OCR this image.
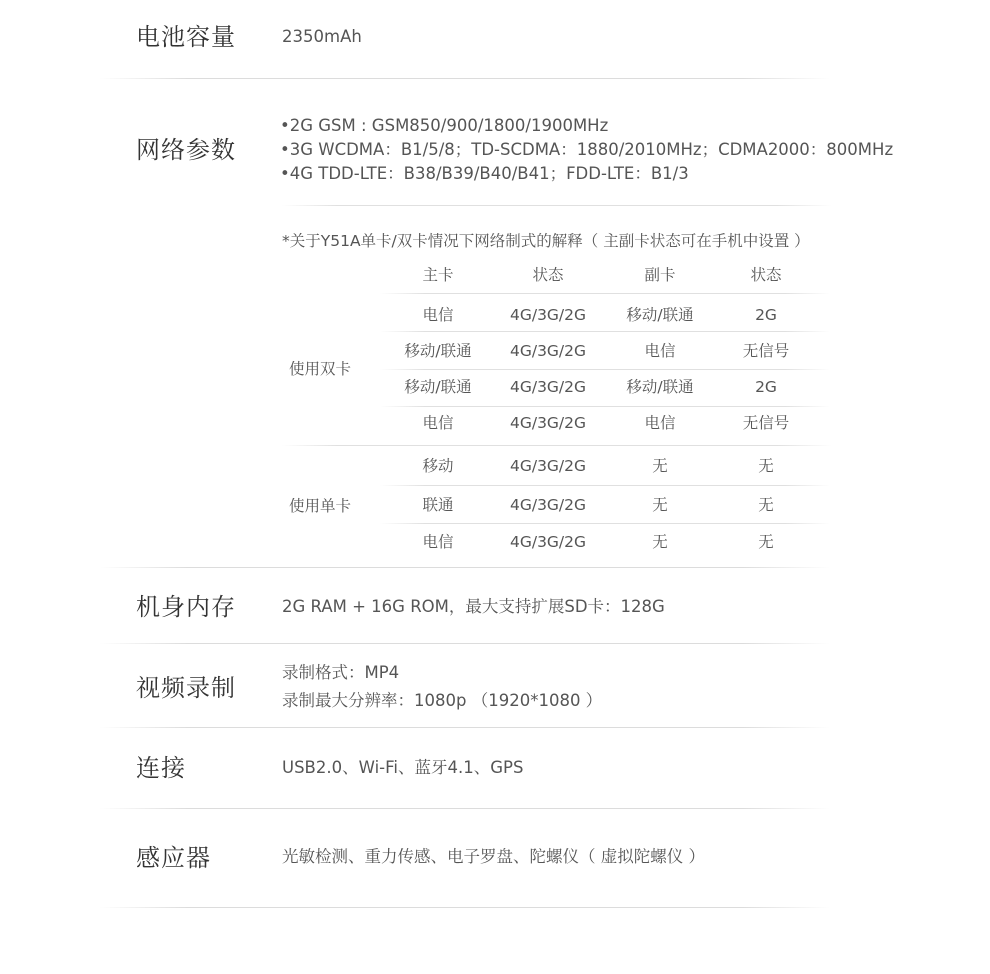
电池容量	2350mAh
网络参数
•2G GSM : GSM850/900/1800/1900MHz
•3G WCDMA：B1/5/8；TD-SCDMA：1880/2010MHz；CDMA2000：800MHz
•4G TDD-LTE：B38/B39/B40/B41；FDD-LTE：B1/3
*关于Y51A单卡/双卡情况下网络制式的解释（ 主副卡状态可在手机中设置 ）
主卡	状态	副卡	状态
使用双卡
电信	4G/3G/2G	移动/联通	2G
移动/联通 4G/3G/2G	电信	无信号
移动/联通 4G/3G/2G	移动/联通	2G
电信	4G/3G/2G	电信	无信号
使用单卡
移动	4G/3G/2G	无	无
联通	4G/3G/2G	无	无
电信	4G/3G/2G	无	无
机身内存	2G RAM + 16G ROM，最大支持扩展SD卡：128G
视频录制
录制格式：MP4
录制最大分辨率：1080p （1920*1080 ）
连接	USB2.0、Wi-Fi、蓝牙4.1、GPS
感应器	光敏检测、重力传感、电子罗盘、陀螺仪（ 虚拟陀螺仪 ）
